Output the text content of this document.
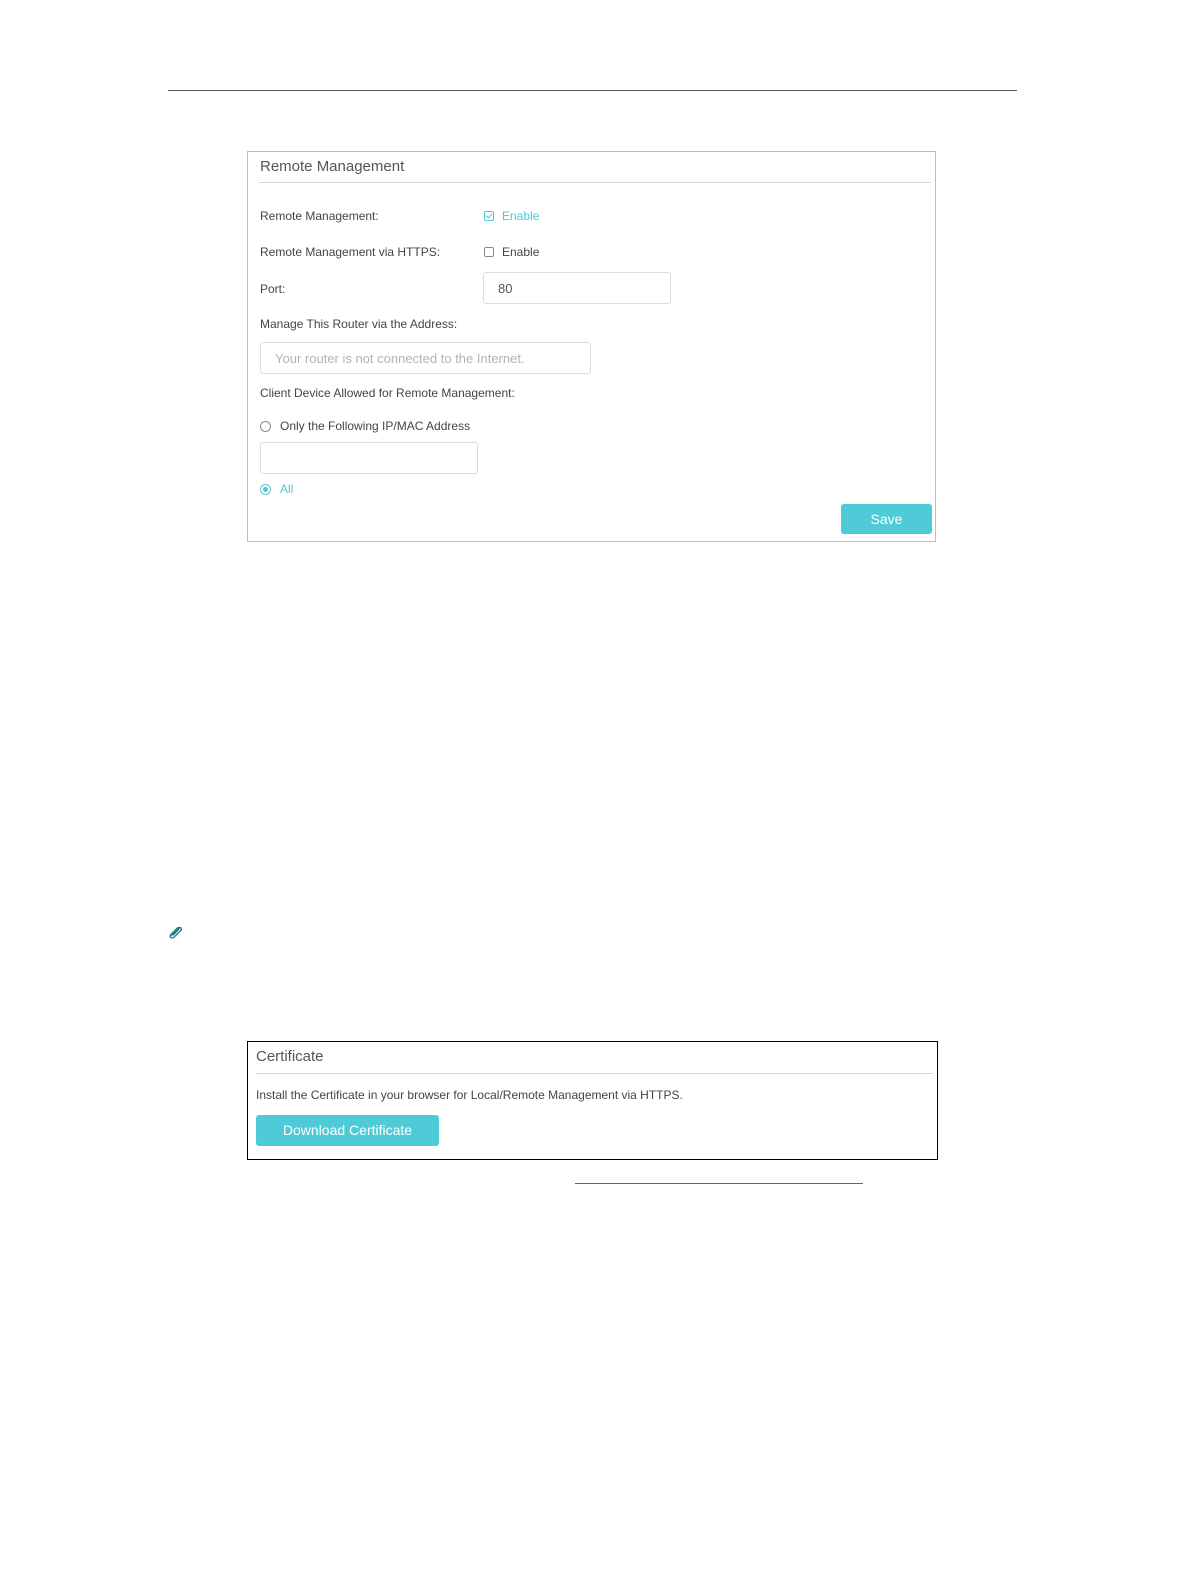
Remote Management
Remote Management:	Enable
Remote Management via HTTPS:	Enable
Port:
80
Manage This Router via the Address:
Your router is not connected to the Internet.
Client Device Allowed for Remote Management:
Only the Following IP/MAC Address
All
Save
Certificate
Install the Certificate in your browser for Local/Remote Management via HTTPS.
Download Certificate
